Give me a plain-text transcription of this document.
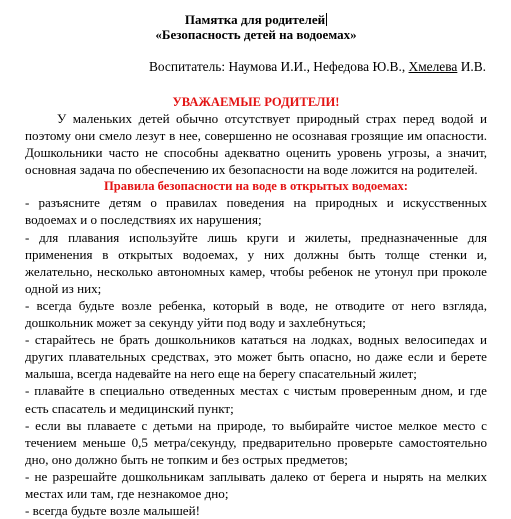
Памятка для родителей

«Безопасность детей на водоемах»

Воспитатель: Наумова И.И., Нефедова Ю.В., Хмелева И.В.
УВАЖАЕМЫЕ РОДИТЕЛИ!

У маленьких детей обычно отсутствует природный страх перед водой и поэтому они смело лезут в нее, совершенно не осознавая грозящие им опасности. Дошкольники часто не способны адекватно оценить уровень угрозы, а значит, основная задача по обеспечению их безопасности на воде ложится на родителей.

Правила безопасности на воде в открытых водоемах:

- разъясните детям о правилах поведения на природных и искусственных водоемах и о последствиях их нарушения;

- для плавания используйте лишь круги и жилеты, предназначенные для применения в открытых водоемах, у них должны быть толще стенки и, желательно, несколько автономных камер, чтобы ребенок не утонул при проколе одной из них;

- всегда будьте возле ребенка, который в воде, не отводите от него взгляда, дошкольник может за секунду уйти под воду и захлебнуться;

- старайтесь не брать дошкольников кататься на лодках, водных велосипедах и других плавательных средствах, это может быть опасно, но даже если и берете малыша, всегда надевайте на него еще на берегу спасательный жилет;

- плавайте в специально отведенных местах с чистым проверенным дном, и где есть спасатель и медицинский пункт;

- если вы плаваете с детьми на природе, то выбирайте чистое мелкое место с течением меньше 0,5 метра/секунду, предварительно проверьте самостоятельно дно, оно должно быть не топким и без острых предметов;

- не разрешайте дошкольникам заплывать далеко от берега и нырять на мелких местах или там, где незнакомое дно;

- всегда будьте возле малышей!
